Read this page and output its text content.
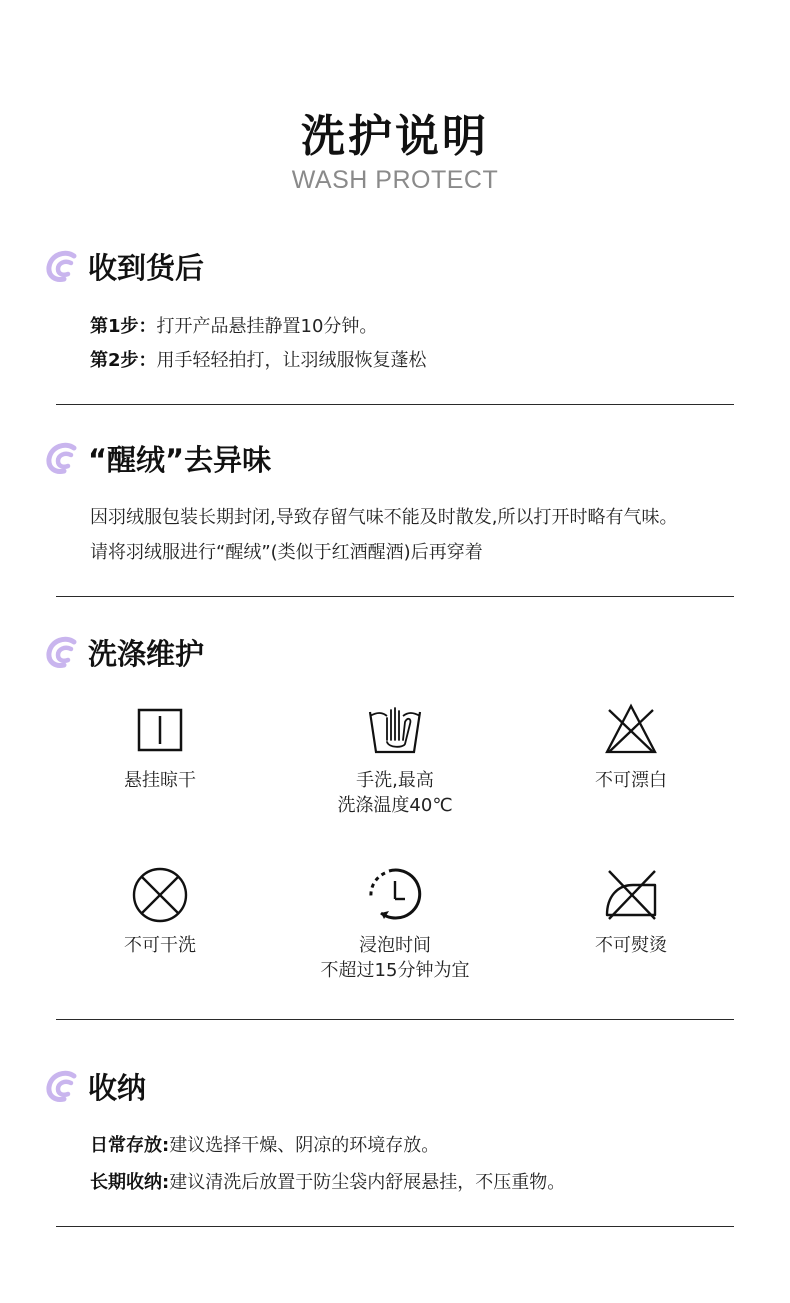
洗护说明
WASH PROTECT
收到货后
第1步：打开产品悬挂静置10分钟。
第2步：用手轻轻拍打，让羽绒服恢复蓬松
“醒绒”去异味
因羽绒服包装长期封闭,导致存留气味不能及时散发,所以打开时略有气味。
请将羽绒服进行“醒绒”(类似于红酒醒酒)后再穿着
洗涤维护
悬挂晾干	手洗,最高
洗涤温度40℃
不可漂白
不可干洗	浸泡时间
不超过15分钟为宜
不可熨烫
收纳
日常存放:建议选择干燥、阴凉的环境存放。
长期收纳:建议清洗后放置于防尘袋内舒展悬挂，不压重物。
